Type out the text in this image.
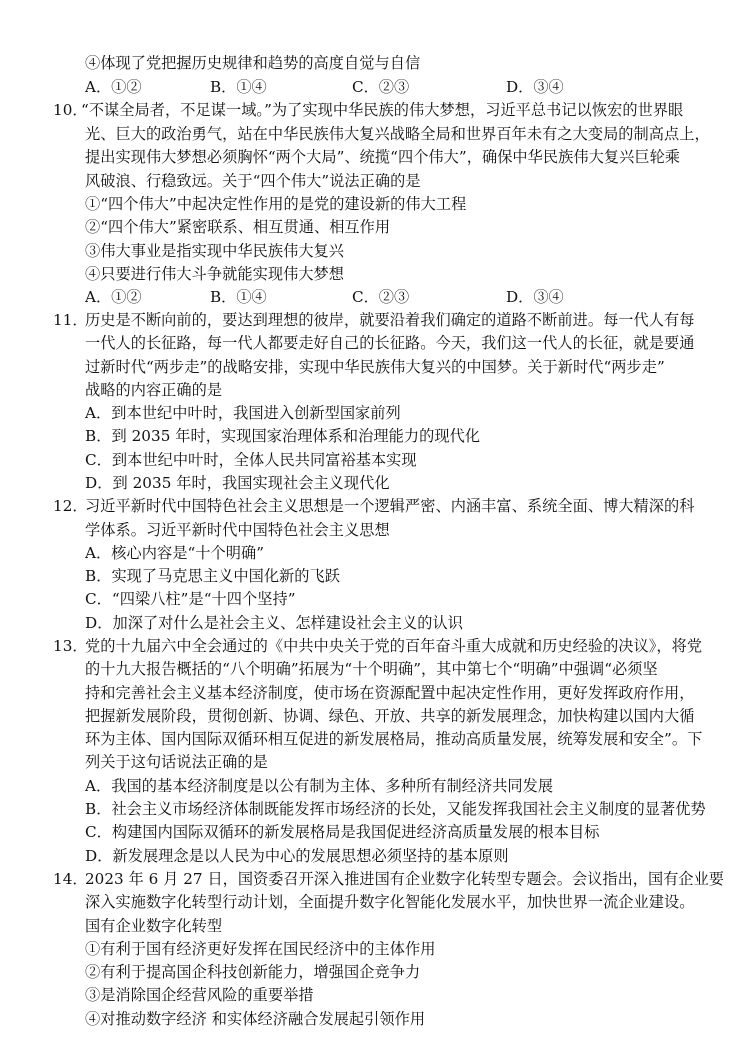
④体现了党把握历史规律和趋势的高度自觉与自信
A．①②	B．①④	C．②③	D．③④
10．
“不谋全局者，不足谋一域。”为了实现中华民族的伟大梦想，习近平总书记以恢宏的世界眼
光、巨大的政治勇气，站在中华民族伟大复兴战略全局和世界百年未有之大变局的制高点上，
提出实现伟大梦想必须胸怀“两个大局”、统揽“四个伟大”，确保中华民族伟大复兴巨轮乘
风破浪、行稳致远。关于“四个伟大”说法正确的是
①“四个伟大”中起决定性作用的是党的建设新的伟大工程
②“四个伟大”紧密联系、相互贯通、相互作用
③伟大事业是指实现中华民族伟大复兴
④只要进行伟大斗争就能实现伟大梦想
A．①②	B．①④	C．②③	D．③④
11．
历史是不断向前的，要达到理想的彼岸，就要沿着我们确定的道路不断前进。每一代人有每
一代人的长征路，每一代人都要走好自己的长征路。今天，我们这一代人的长征，就是要通
过新时代“两步走”的战略安排，实现中华民族伟大复兴的中国梦。关于新时代“两步走”
战略的内容正确的是
A．到本世纪中叶时，我国进入创新型国家前列
B．到 2035 年时，实现国家治理体系和治理能力的现代化
C．到本世纪中叶时，全体人民共同富裕基本实现
D．到 2035 年时，我国实现社会主义现代化
12．
习近平新时代中国特色社会主义思想是一个逻辑严密、内涵丰富、系统全面、博大精深的科
学体系。习近平新时代中国特色社会主义思想
A．核心内容是“十个明确”
B．实现了马克思主义中国化新的飞跃
C．“四梁八柱”是“十四个坚持”
D．加深了对什么是社会主义、怎样建设社会主义的认识
13．
党的十九届六中全会通过的《中共中央关于党的百年奋斗重大成就和历史经验的决议》，将党
的十九大报告概括的“八个明确”拓展为“十个明确”，其中第七个“明确”中强调“必须坚
持和完善社会主义基本经济制度，使市场在资源配置中起决定性作用，更好发挥政府作用，
把握新发展阶段，贯彻创新、协调、绿色、开放、共享的新发展理念，加快构建以国内大循
环为主体、国内国际双循环相互促进的新发展格局，推动高质量发展，统筹发展和安全”。下
列关于这句话说法正确的是
A．我国的基本经济制度是以公有制为主体、多种所有制经济共同发展
B．社会主义市场经济体制既能发挥市场经济的长处，又能发挥我国社会主义制度的显著优势
C．构建国内国际双循环的新发展格局是我国促进经济高质量发展的根本目标
D．新发展理念是以人民为中心的发展思想必须坚持的基本原则
14．
2023 年 6 月 27 日，国资委召开深入推进国有企业数字化转型专题会。会议指出，国有企业要
深入实施数字化转型行动计划，全面提升数字化智能化发展水平，加快世界一流企业建设。
国有企业数字化转型
①有利于国有经济更好发挥在国民经济中的主体作用
②有利于提高国企科技创新能力，增强国企竞争力
③是消除国企经营风险的重要举措
④对推动数字经济 和实体经济融合发展起引领作用
